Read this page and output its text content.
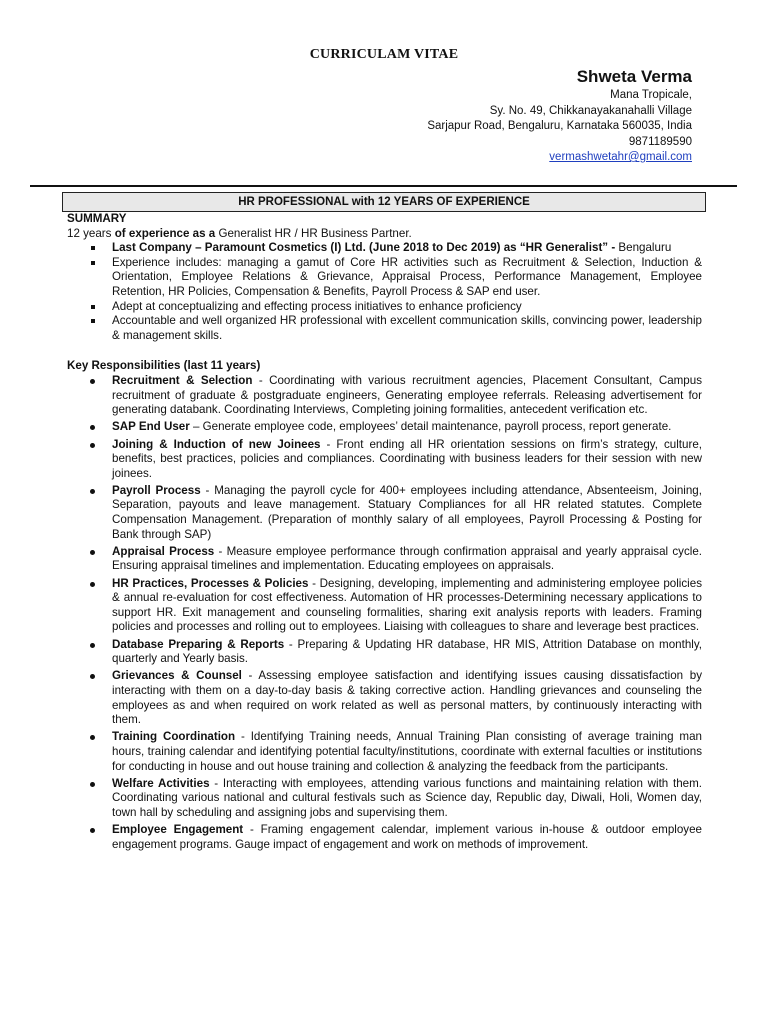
CURRICULAM VITAE
Shweta Verma
Mana Tropicale,
Sy. No. 49, Chikkanayakanahalli Village
Sarjapur Road, Bengaluru, Karnataka 560035, India
9871189590
vermashwetahr@gmail.com
HR PROFESSIONAL with 12 YEARS OF EXPERIENCE
SUMMARY
12 years of experience as a Generalist HR / HR Business Partner.
Last Company – Paramount Cosmetics (I) Ltd. (June 2018 to Dec 2019) as “HR Generalist” - Bengaluru
Experience includes: managing a gamut of Core HR activities such as Recruitment & Selection, Induction & Orientation, Employee Relations & Grievance, Appraisal Process, Performance Management, Employee Retention, HR Policies, Compensation & Benefits, Payroll Process & SAP end user.
Adept at conceptualizing and effecting process initiatives to enhance proficiency
Accountable and well organized HR professional with excellent communication skills, convincing power, leadership & management skills.
Key Responsibilities (last 11 years)
Recruitment & Selection - Coordinating with various recruitment agencies, Placement Consultant, Campus recruitment of graduate & postgraduate engineers, Generating employee referrals. Releasing advertisement for generating databank. Coordinating Interviews, Completing joining formalities, antecedent verification etc.
SAP End User – Generate employee code, employees’ detail maintenance, payroll process, report generate.
Joining & Induction of new Joinees - Front ending all HR orientation sessions on firm’s strategy, culture, benefits, best practices, policies and compliances. Coordinating with business leaders for their session with new joinees.
Payroll Process - Managing the payroll cycle for 400+ employees including attendance, Absenteeism, Joining, Separation, payouts and leave management. Statuary Compliances for all HR related statutes. Complete Compensation Management. (Preparation of monthly salary of all employees, Payroll Processing & Posting for Bank through SAP)
Appraisal Process - Measure employee performance through confirmation appraisal and yearly appraisal cycle. Ensuring appraisal timelines and implementation. Educating employees on appraisals.
HR Practices, Processes & Policies - Designing, developing, implementing and administering employee policies & annual re-evaluation for cost effectiveness. Automation of HR processes-Determining necessary applications to support HR. Exit management and counseling formalities, sharing exit analysis reports with leaders. Framing policies and processes and rolling out to employees. Liaising with colleagues to share and leverage best practices.
Database Preparing & Reports - Preparing & Updating HR database, HR MIS, Attrition Database on monthly, quarterly and Yearly basis.
Grievances & Counsel - Assessing employee satisfaction and identifying issues causing dissatisfaction by interacting with them on a day-to-day basis & taking corrective action. Handling grievances and counseling the employees as and when required on work related as well as personal matters, by continuously interacting with them.
Training Coordination - Identifying Training needs, Annual Training Plan consisting of average training man hours, training calendar and identifying potential faculty/institutions, coordinate with external faculties or institutions for conducting in house and out house training and collection & analyzing the feedback from the participants.
Welfare Activities - Interacting with employees, attending various functions and maintaining relation with them. Coordinating various national and cultural festivals such as Science day, Republic day, Diwali, Holi, Women day, town hall by scheduling and assigning jobs and supervising them.
Employee Engagement - Framing engagement calendar, implement various in-house & outdoor employee engagement programs. Gauge impact of engagement and work on methods of improvement.
